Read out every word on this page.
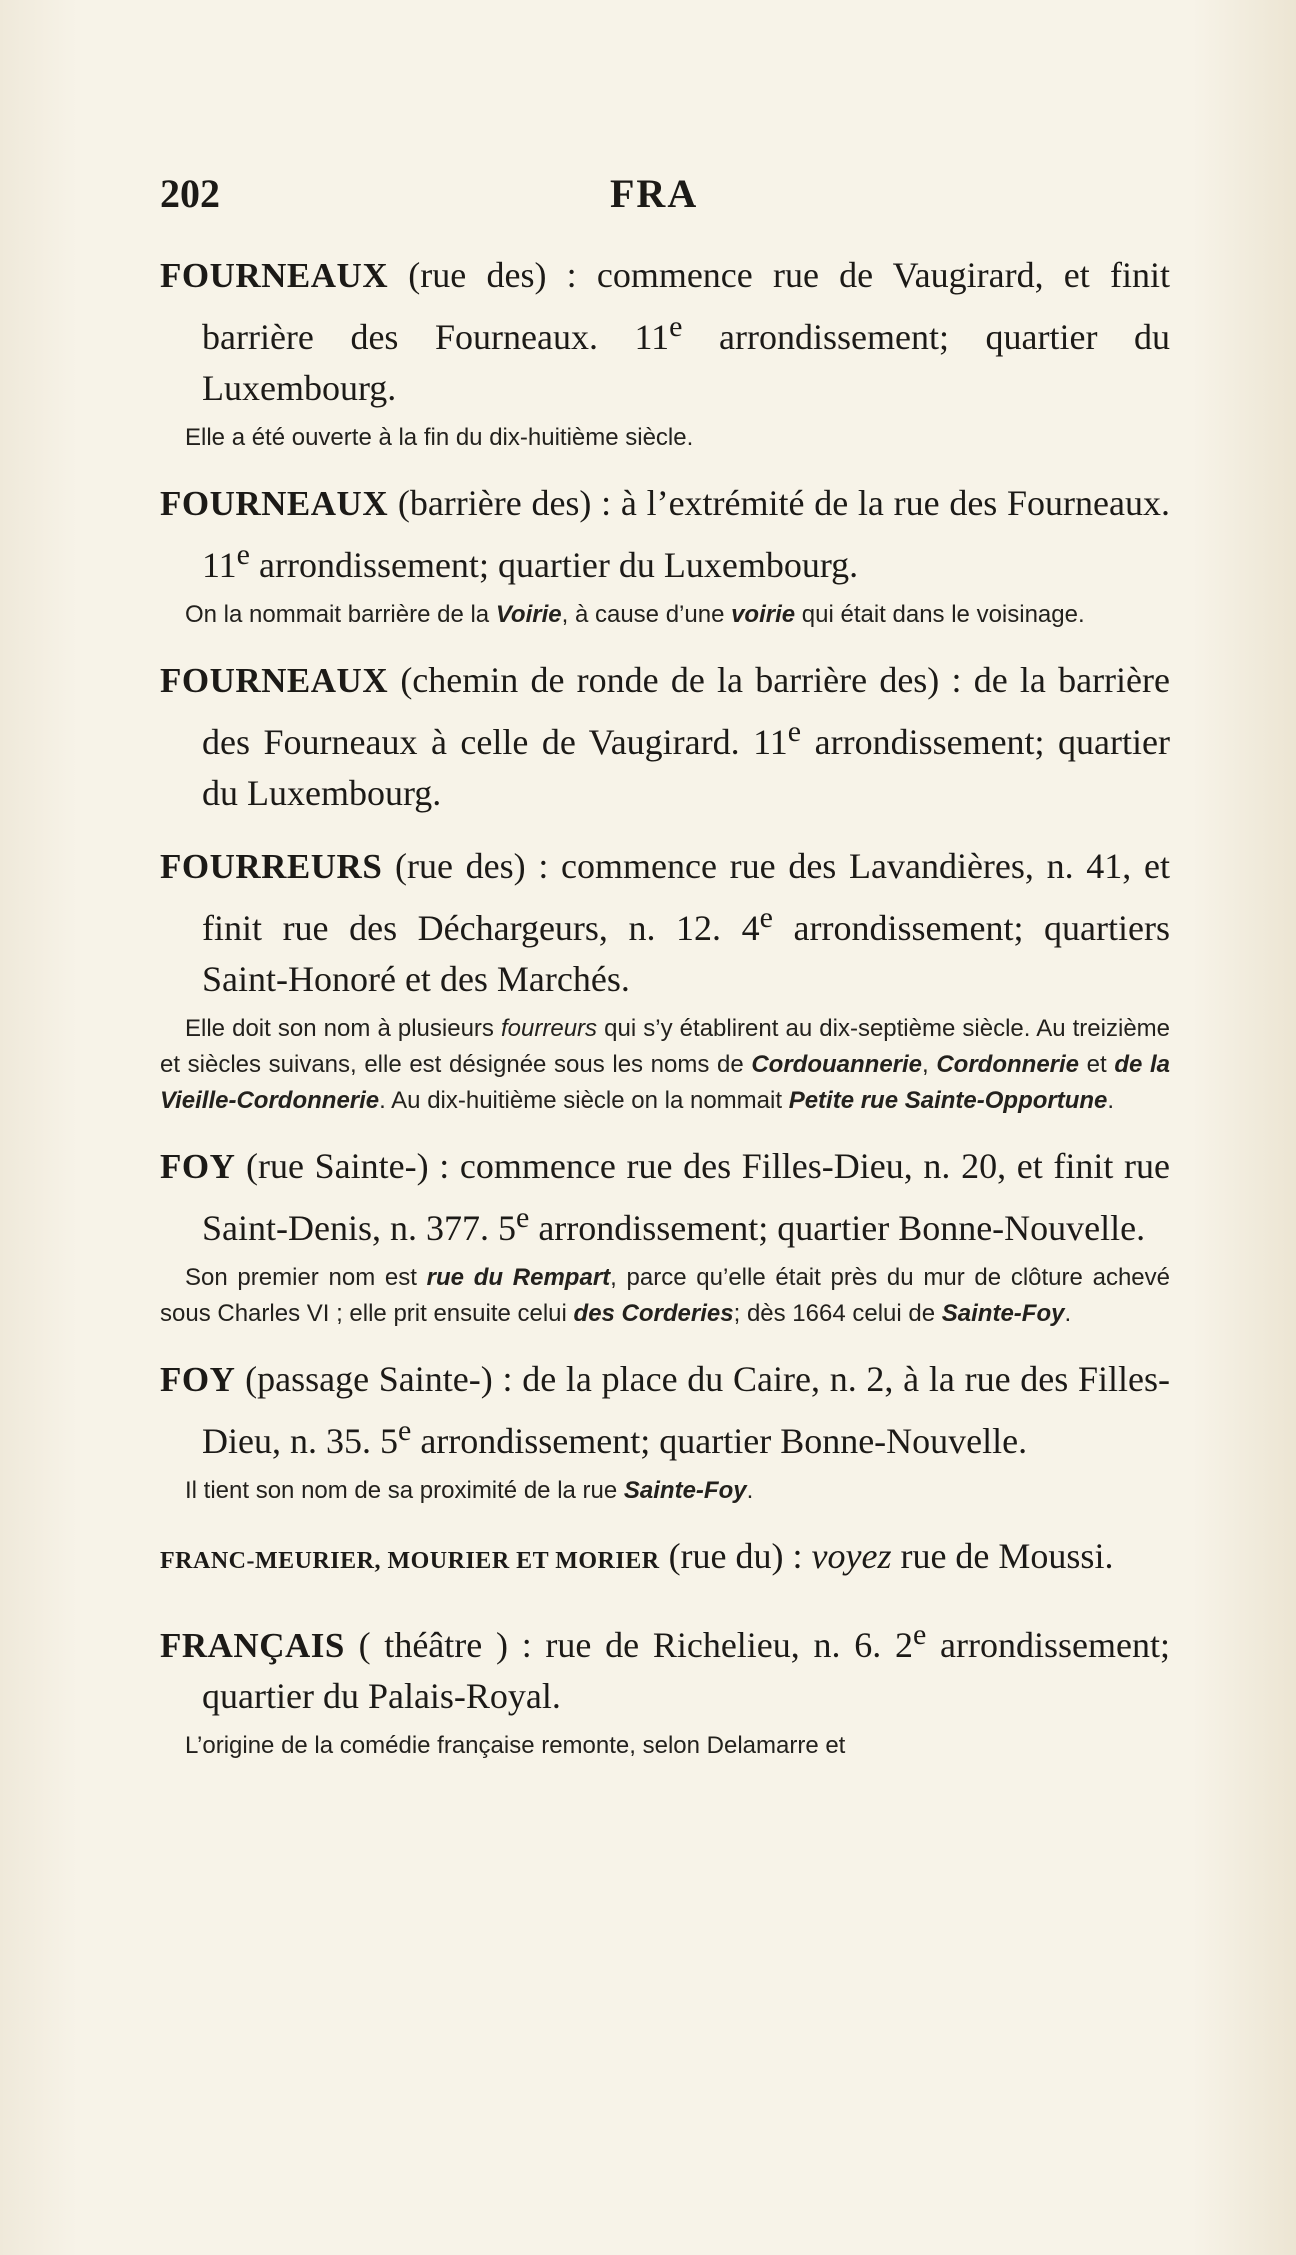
202	FRA
FOURNEAUX (rue des) : commence rue de Vaugirard, et finit barrière des Fourneaux. 11e arrondissement; quartier du Luxembourg.
Elle a été ouverte à la fin du dix-huitième siècle.
FOURNEAUX (barrière des) : à l’extrémité de la rue des Fourneaux. 11e arrondissement; quartier du Luxembourg.
On la nommait barrière de la Voirie, à cause d’une voirie qui était dans le voisinage.
FOURNEAUX (chemin de ronde de la barrière des) : de la barrière des Fourneaux à celle de Vaugirard. 11e arrondissement; quartier du Luxembourg.
FOURREURS (rue des) : commence rue des Lavandières, n. 41, et finit rue des Déchargeurs, n. 12. 4e arrondissement; quartiers Saint-Honoré et des Marchés.
Elle doit son nom à plusieurs fourreurs qui s’y établirent au dix-septième siècle. Au treizième et siècles suivans, elle est désignée sous les noms de Cordouannerie, Cordonnerie et de la Vieille-Cordonnerie. Au dix-huitième siècle on la nommait Petite rue Sainte-Opportune.
FOY (rue Sainte-) : commence rue des Filles-Dieu, n. 20, et finit rue Saint-Denis, n. 377. 5e arrondissement; quartier Bonne-Nouvelle.
Son premier nom est rue du Rempart, parce qu’elle était près du mur de clôture achevé sous Charles VI ; elle prit ensuite celui des Corderies; dès 1664 celui de Sainte-Foy.
FOY (passage Sainte-) : de la place du Caire, n. 2, à la rue des Filles-Dieu, n. 35. 5e arrondissement; quartier Bonne-Nouvelle.
Il tient son nom de sa proximité de la rue Sainte-Foy.
FRANC-MEURIER, MOURIER ET MORIER (rue du) : voyez rue de Moussi.
FRANÇAIS ( théâtre ) : rue de Richelieu, n. 6. 2e arrondissement; quartier du Palais-Royal.
L’origine de la comédie française remonte, selon Delamarre et
